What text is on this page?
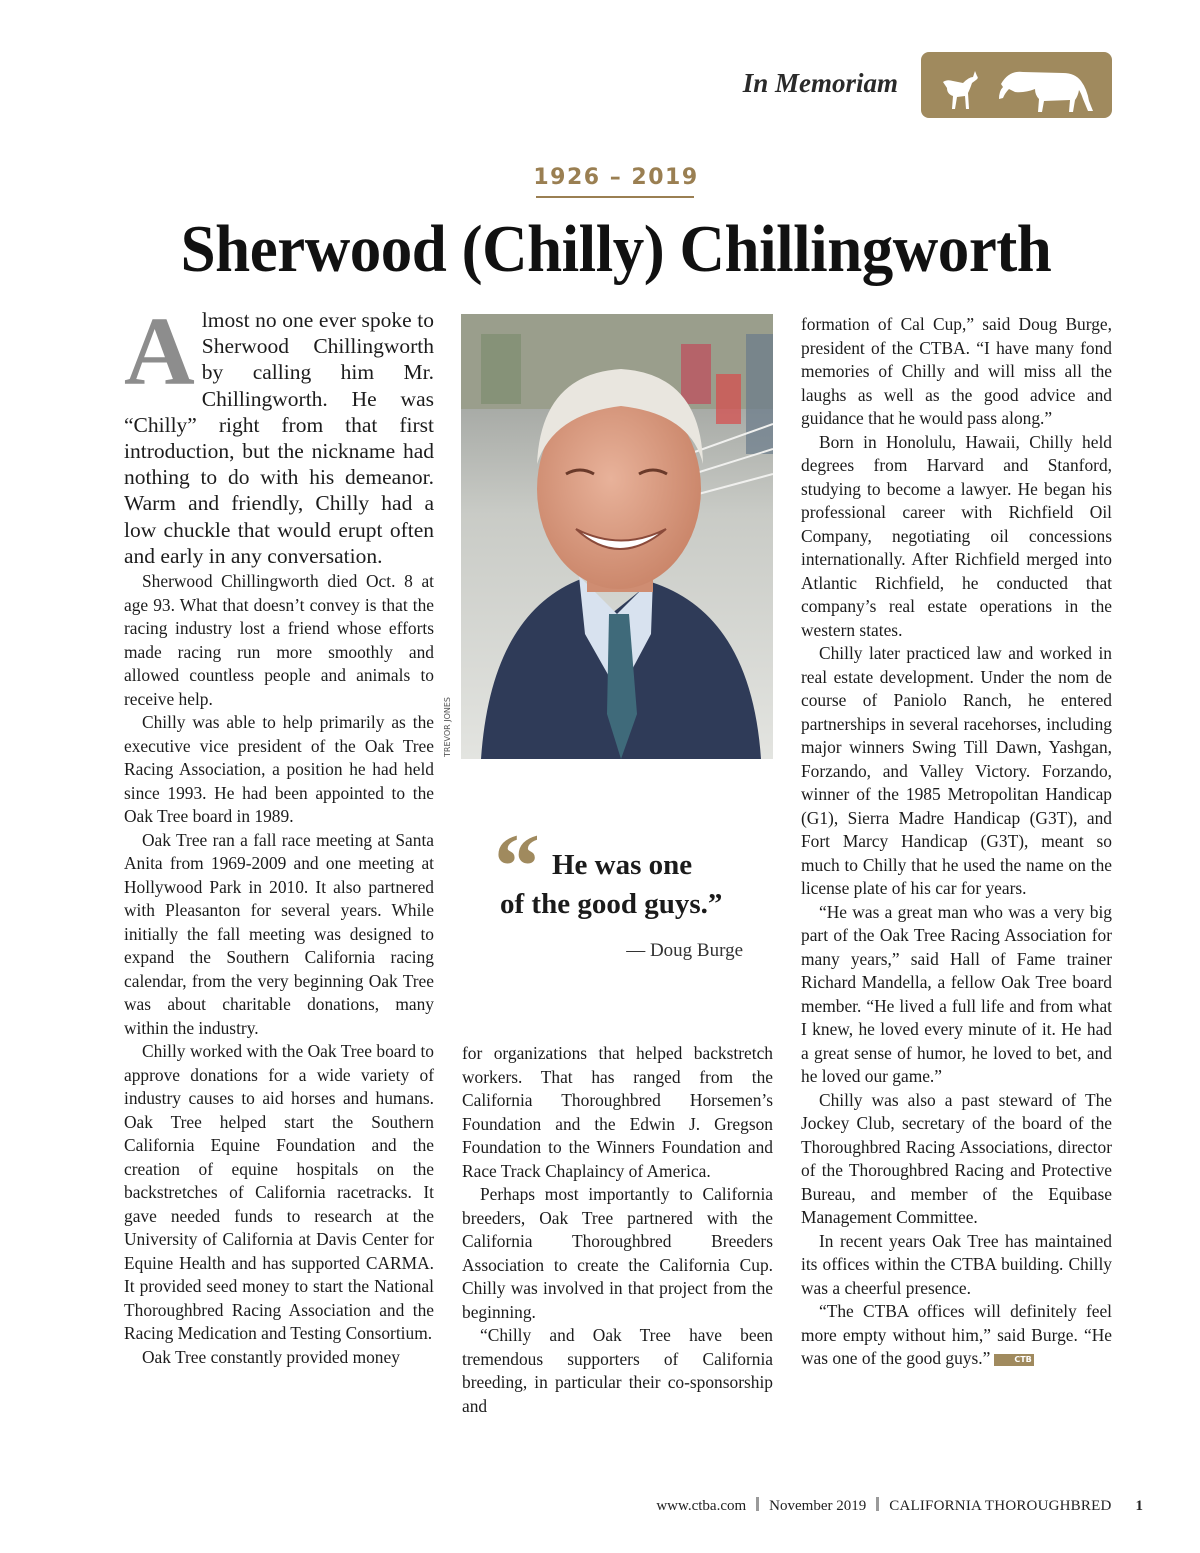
In Memoriam
1926 – 2019
Sherwood (Chilly) Chillingworth
Almost no one ever spoke to Sherwood Chillingworth by calling him Mr. Chillingworth. He was “Chilly” right from that first introduction, but the nickname had nothing to do with his demeanor. Warm and friendly, Chilly had a low chuckle that would erupt often and early in any conversation.

Sherwood Chillingworth died Oct. 8 at age 93. What that doesn’t convey is that the racing industry lost a friend whose efforts made racing run more smoothly and allowed countless people and animals to receive help.

Chilly was able to help primarily as the executive vice president of the Oak Tree Racing Association, a position he had held since 1993. He had been appointed to the Oak Tree board in 1989.

Oak Tree ran a fall race meeting at Santa Anita from 1969-2009 and one meeting at Hollywood Park in 2010. It also partnered with Pleasanton for several years. While initially the fall meeting was designed to expand the Southern California racing calendar, from the very beginning Oak Tree was about charitable donations, many within the industry.

Chilly worked with the Oak Tree board to approve donations for a wide variety of industry causes to aid horses and humans. Oak Tree helped start the Southern California Equine Foundation and the creation of equine hospitals on the backstretches of California racetracks. It gave needed funds to research at the University of California at Davis Center for Equine Health and has supported CARMA. It provided seed money to start the National Thoroughbred Racing Association and the Racing Medication and Testing Consortium.

Oak Tree constantly provided money

TREVOR JONES
“ He was one
of the good guys.”
— Doug Burge

for organizations that helped backstretch workers. That has ranged from the California Thoroughbred Horsemen’s Foundation and the Edwin J. Gregson Foundation to the Winners Foundation and Race Track Chaplaincy of America.

Perhaps most importantly to California breeders, Oak Tree partnered with the California Thoroughbred Breeders Association to create the California Cup. Chilly was involved in that project from the beginning.

“Chilly and Oak Tree have been tremendous supporters of California breeding, in particular their co-sponsorship and

formation of Cal Cup,” said Doug Burge, president of the CTBA. “I have many fond memories of Chilly and will miss all the laughs as well as the good advice and guidance that he would pass along.”

Born in Honolulu, Hawaii, Chilly held degrees from Harvard and Stanford, studying to become a lawyer. He began his professional career with Richfield Oil Company, negotiating oil concessions internationally. After Richfield merged into Atlantic Richfield, he conducted that company’s real estate operations in the western states.

Chilly later practiced law and worked in real estate development. Under the nom de course of Paniolo Ranch, he entered partnerships in several racehorses, including major winners Swing Till Dawn, Yashgan, Forzando, and Valley Victory. Forzando, winner of the 1985 Metropolitan Handicap (G1), Sierra Madre Handicap (G3T), and Fort Marcy Handicap (G3T), meant so much to Chilly that he used the name on the license plate of his car for years.

“He was a great man who was a very big part of the Oak Tree Racing Association for many years,” said Hall of Fame trainer Richard Mandella, a fellow Oak Tree board member. “He lived a full life and from what I knew, he loved every minute of it. He had a great sense of humor, he loved to bet, and he loved our game.”

Chilly was also a past steward of The Jockey Club, secretary of the board of the Thoroughbred Racing Associations, director of the Thoroughbred Racing and Protective Bureau, and member of the Equibase Management Committee.

In recent years Oak Tree has maintained its offices within the CTBA building. Chilly was a cheerful presence.

“The CTBA offices will definitely feel more empty without him,” said Burge. “He was one of the good guys.”	CTB

www.ctba.com November 2019 CALIFORNIA THOROUGHBRED 1
